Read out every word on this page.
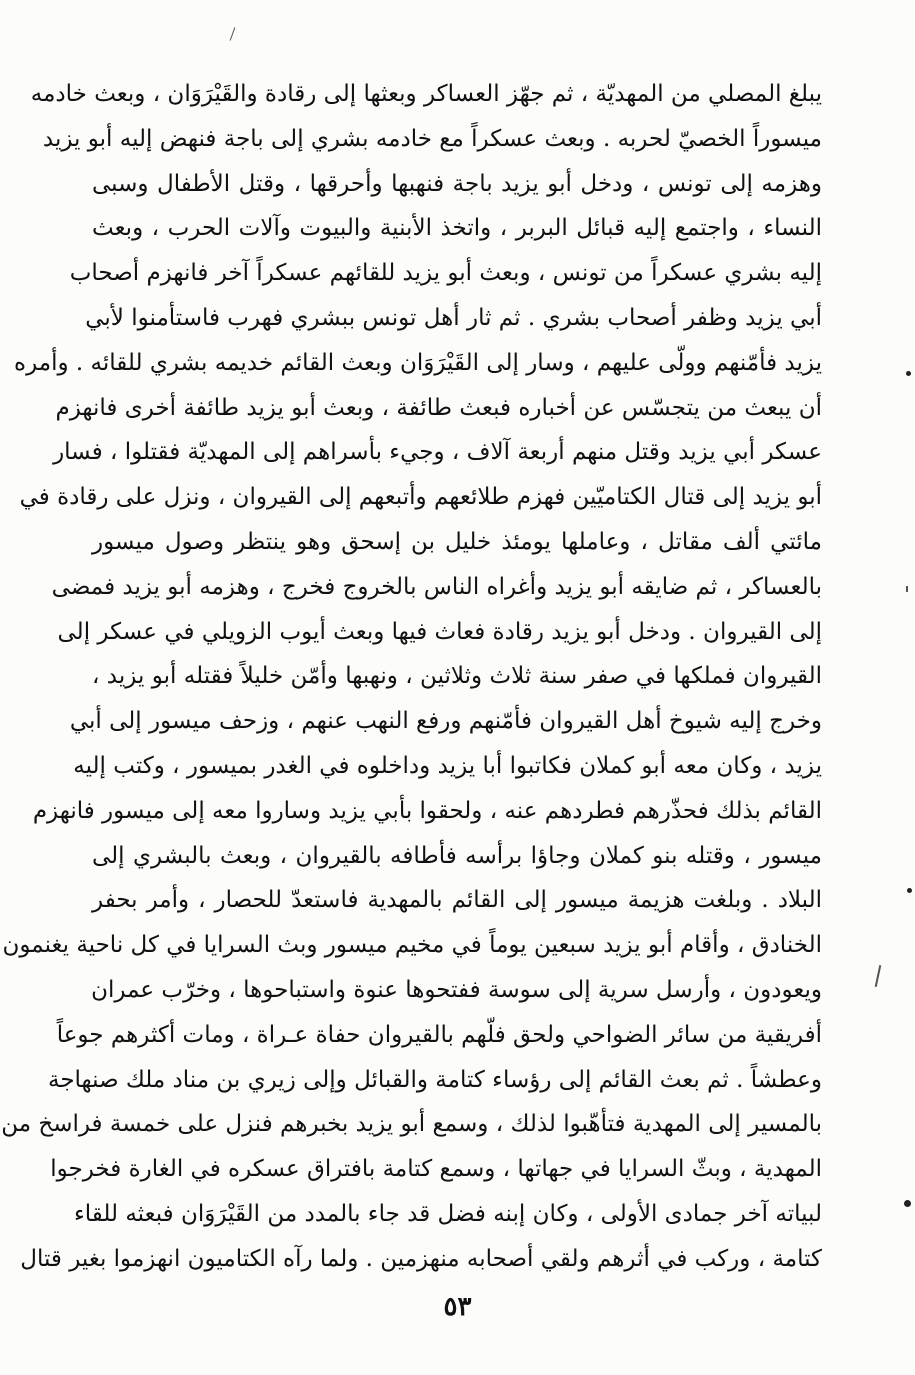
يبلغ المصلي من المهديّة ، ثم جهّز العساكر وبعثها إلى رقادة والقَيْرَوَان ، وبعث خادمه
ميسوراً الخصيّ لحربه . وبعث عسكراً مع خادمه بشري إلى باجة فنهض إليه أبو يزيد
وهزمه إلى تونس ، ودخل أبو يزيد باجة فنهبها وأحرقها ، وقتل الأطفال وسبى
النساء ، واجتمع إليه قبائل البربر ، واتخذ الأبنية والبيوت وآلات الحرب ، وبعث
إليه بشري عسكراً من تونس ، وبعث أبو يزيد للقائهم عسكراً آخر فانهزم أصحاب
أبي يزيد وظفر أصحاب بشري . ثم ثار أهل تونس ببشري فهرب فاستأمنوا لأبي
يزيد فأمّنهم وولّى عليهم ، وسار إلى القَيْرَوَان وبعث القائم خديمه بشري للقائه . وأمره
أن يبعث من يتجسّس عن أخباره فبعث طائفة ، وبعث أبو يزيد طائفة أخرى فانهزم
عسكر أبي يزيد وقتل منهم أربعة آلاف ، وجيء بأسراهم إلى المهديّة فقتلوا ، فسار
أبو يزيد إلى قتال الكتاميّين فهزم طلائعهم وأتبعهم إلى القيروان ، ونزل على رقادة في
مائتي ألف مقاتل ، وعاملها يومئذ خليل بن إسحق وهو ينتظر وصول ميسور
بالعساكر ، ثم ضايقه أبو يزيد وأغراه الناس بالخروج فخرج ، وهزمه أبو يزيد فمضى
إلى القيروان . ودخل أبو يزيد رقادة فعاث فيها وبعث أيوب الزويلي في عسكر إلى
القيروان فملكها في صفر سنة ثلاث وثلاثين ، ونهبها وأمّن خليلاً فقتله أبو يزيد ،
وخرج إليه شيوخ أهل القيروان فأمّنهم ورفع النهب عنهم ، وزحف ميسور إلى أبي
يزيد ، وكان معه أبو كملان فكاتبوا أبا يزيد وداخلوه في الغدر بميسور ، وكتب إليه
القائم بذلك فحذّرهم فطردهم عنه ، ولحقوا بأبي يزيد وساروا معه إلى ميسور فانهزم
ميسور ، وقتله بنو كملان وجاؤا برأسه فأطافه بالقيروان ، وبعث بالبشري إلى
البلاد . وبلغت هزيمة ميسور إلى القائم بالمهدية فاستعدّ للحصار ، وأمر بحفر
الخنادق ، وأقام أبو يزيد سبعين يوماً في مخيم ميسور وبث السرايا في كل ناحية يغنمون
ويعودون ، وأرسل سرية إلى سوسة ففتحوها عنوة واستباحوها ، وخرّب عمران
أفريقية من سائر الضواحي ولحق فلّهم بالقيروان حفاة عـراة ، ومات أكثرهم جوعاً
وعطشاً . ثم بعث القائم إلى رؤساء كتامة والقبائل وإلى زيري بن مناد ملك صنهاجة
بالمسير إلى المهدية فتأهّبوا لذلك ، وسمع أبو يزيد بخبرهم فنزل على خمسة فراسخ من
المهدية ، وبثّ السرايا في جهاتها ، وسمع كتامة بافتراق عسكره في الغارة فخرجوا
لبياته آخر جمادى الأولى ، وكان إبنه فضل قد جاء بالمدد من القَيْرَوَان فبعثه للقاء
كتامة ، وركب في أثرهم ولقي أصحابه منهزمين . ولما رآه الكتاميون انهزموا بغير قتال
٥٣
